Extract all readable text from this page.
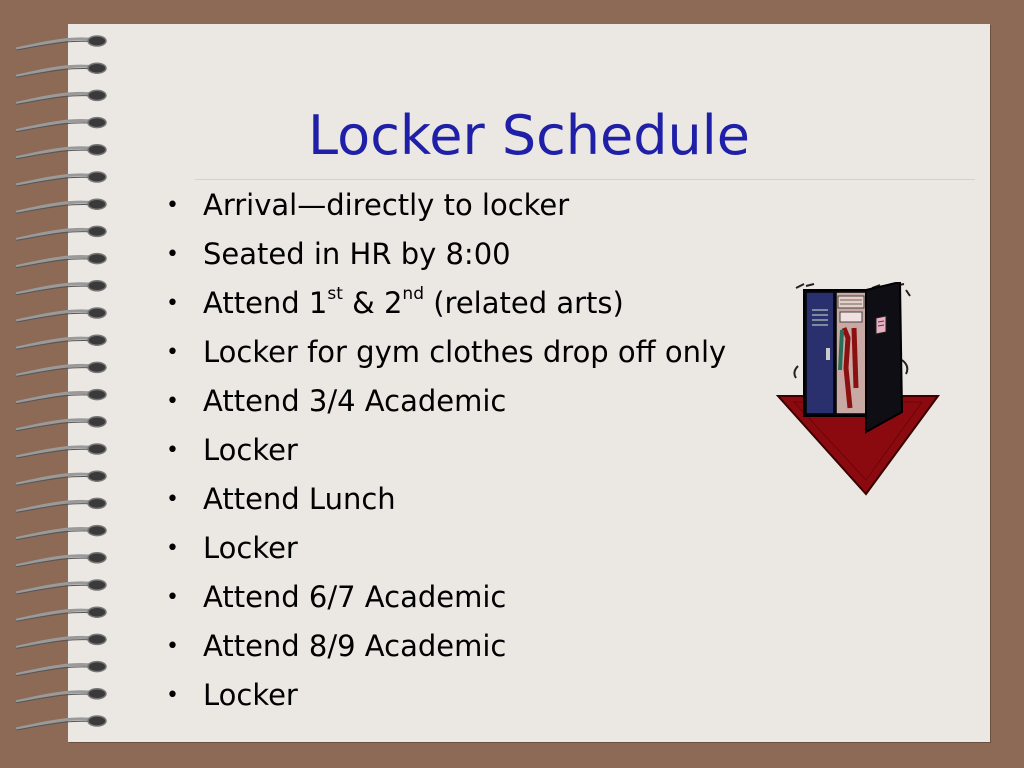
Locker Schedule
• Arrival—directly to locker
• Seated in HR by 8:00
• Attend 1st & 2nd (related arts)
• Locker for gym clothes drop off only
• Attend 3/4 Academic
• Locker
• Attend Lunch
• Locker
• Attend 6/7 Academic
• Attend 8/9 Academic
• Locker
